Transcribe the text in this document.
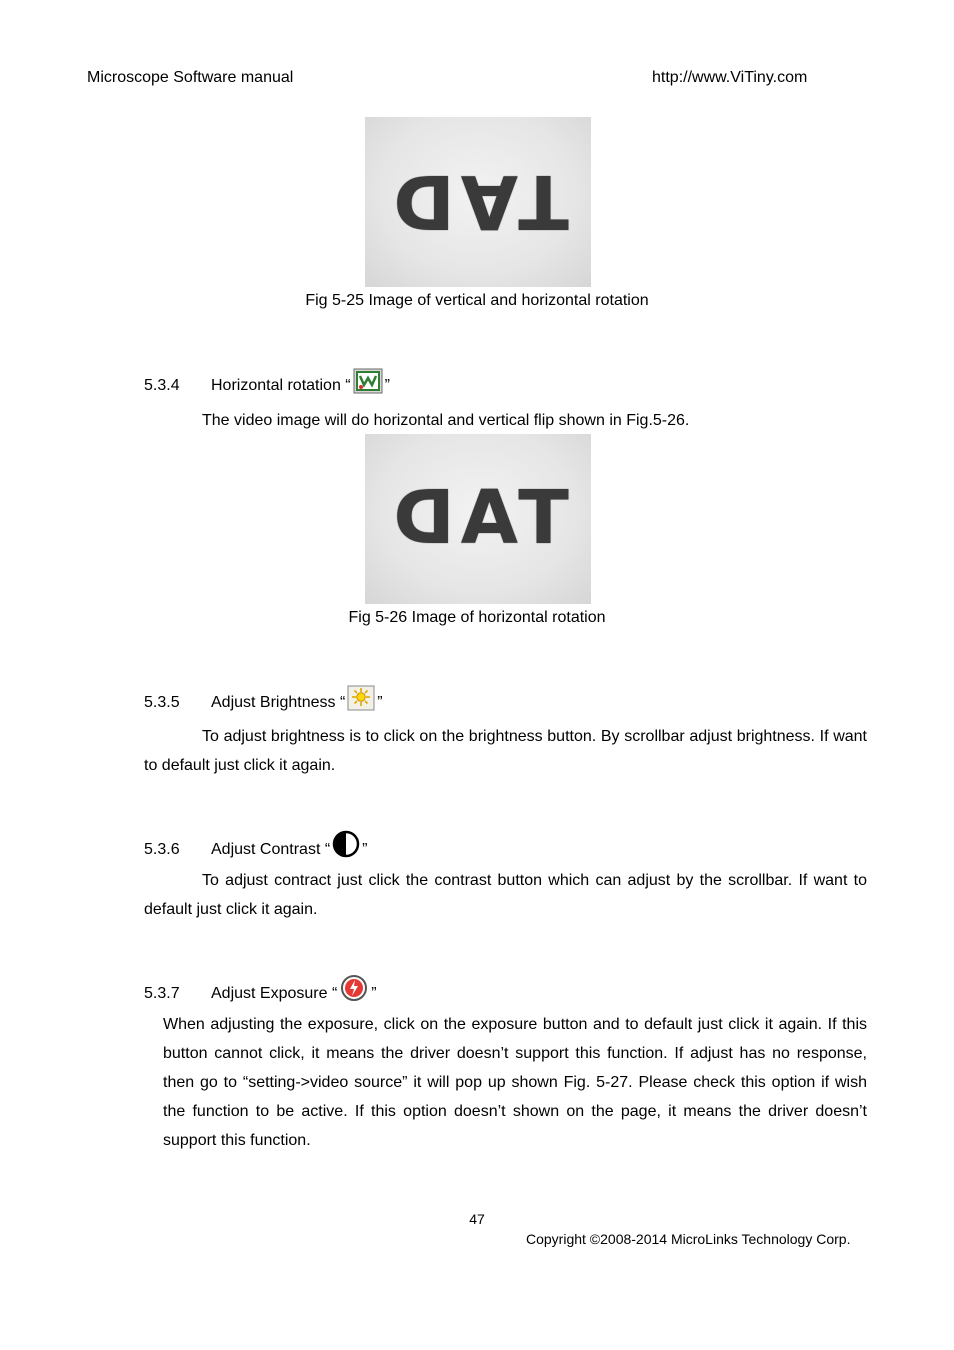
Microscope Software manual	http://www.ViTiny.com
TAD
Fig 5-25 Image of vertical and horizontal rotation
5.3.4 Horizontal rotation “ ”
The video image will do horizontal and vertical flip shown in Fig.5-26.
TAD
Fig 5-26 Image of horizontal rotation
5.3.5 Adjust Brightness “ ”
To adjust brightness is to click on the brightness button. By scrollbar adjust brightness. If want to default just click it again.
5.3.6 Adjust Contrast “ ”
To adjust contract just click the contrast button which can adjust by the scrollbar. If want to default just click it again.
5.3.7 Adjust Exposure “ ”
When adjusting the exposure, click on the exposure button and to default just click it again. If this button cannot click, it means the driver doesn’t support this function. If adjust has no response, then go to “setting->video source” it will pop up shown Fig. 5-27. Please check this option if wish the function to be active. If this option doesn’t shown on the page, it means the driver doesn’t support this function.
47
Copyright ©2008-2014 MicroLinks Technology Corp.
